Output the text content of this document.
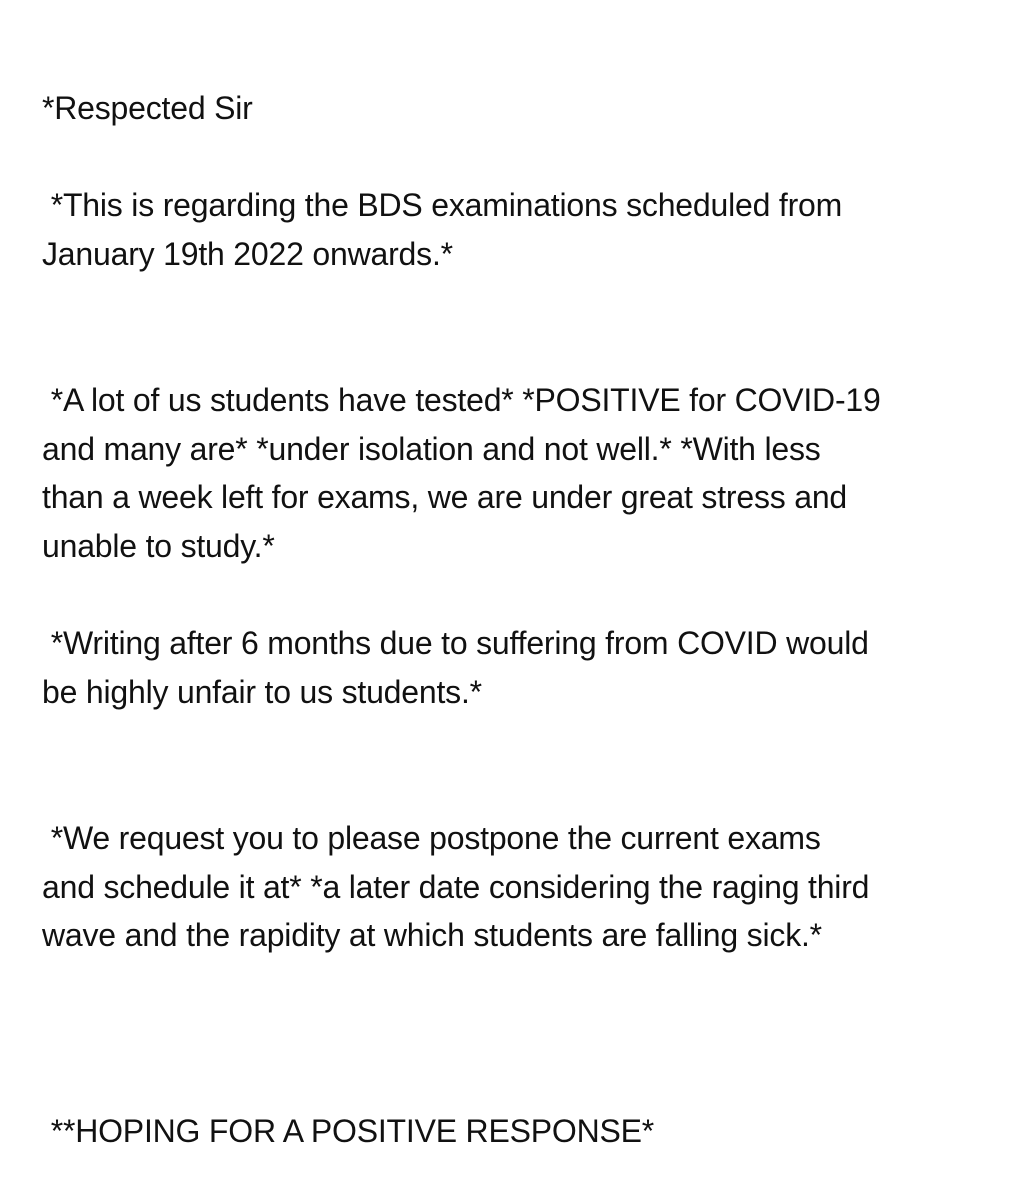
*Respected Sir

*This is regarding the BDS examinations scheduled from
January 19th 2022 onwards.*

*A lot of us students have tested* *POSITIVE for COVID-19
and many are* *under isolation and not well.* *With less
than a week left for exams, we are under great stress and
unable to study.*

*Writing after 6 months due to suffering from COVID would
be highly unfair to us students.*

*We request you to please postpone the current exams
and schedule it at* *a later date considering the raging third
wave and the rapidity at which students are falling sick.*

**HOPING FOR A POSITIVE RESPONSE*
